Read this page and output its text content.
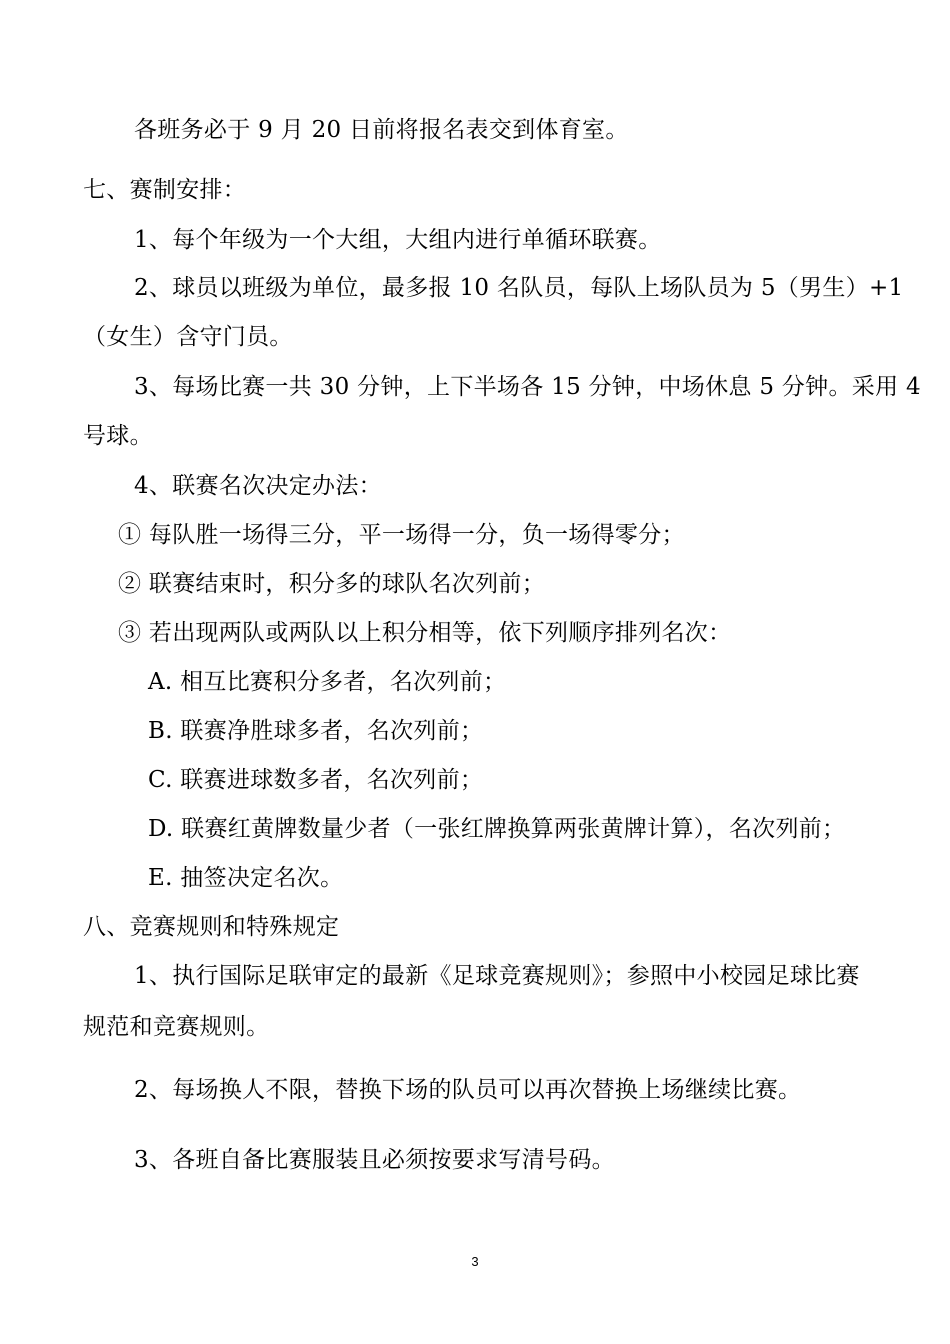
各班务必于 9 月 20 日前将报名表交到体育室。
七、赛制安排：
1、每个年级为一个大组，大组内进行单循环联赛。
2、球员以班级为单位，最多报 10 名队员，每队上场队员为 5（男生）+1
（女生）含守门员。
3、每场比赛一共 30 分钟，上下半场各 15 分钟，中场休息 5 分钟。采用 4
号球。
4、联赛名次决定办法：
① 每队胜一场得三分，平一场得一分，负一场得零分；
② 联赛结束时，积分多的球队名次列前；
③ 若出现两队或两队以上积分相等，依下列顺序排列名次：
A. 相互比赛积分多者，名次列前；
B. 联赛净胜球多者，名次列前；
C. 联赛进球数多者，名次列前；
D. 联赛红黄牌数量少者（一张红牌换算两张黄牌计算），名次列前；
E. 抽签决定名次。
八、竞赛规则和特殊规定
1、执行国际足联审定的最新《足球竞赛规则》；参照中小校园足球比赛
规范和竞赛规则。
2、每场换人不限，替换下场的队员可以再次替换上场继续比赛。
3、各班自备比赛服装且必须按要求写清号码。
3
